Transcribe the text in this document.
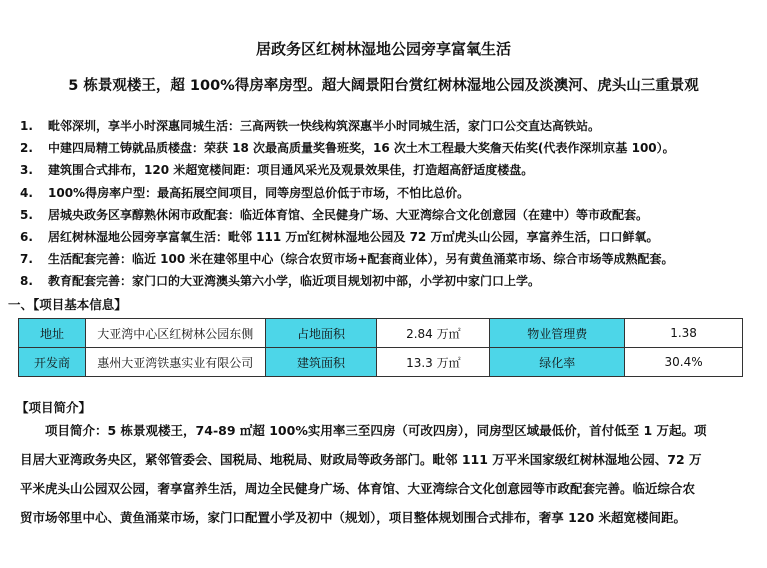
居政务区红树林湿地公园旁享富氧生活
5 栋景观楼王，超 100%得房率房型。超大阔景阳台赏红树林湿地公园及淡澳河、虎头山三重景观
1. 毗邻深圳，享半小时深惠同城生活：三高两铁一快线构筑深惠半小时同城生活，家门口公交直达高铁站。
2. 中建四局精工铸就品质楼盘：荣获 18 次最高质量奖鲁班奖，16 次土木工程最大奖詹天佑奖(代表作深圳京基 100）。
3. 建筑围合式排布，120 米超宽楼间距：项目通风采光及观景效果佳，打造超高舒适度楼盘。
4. 100%得房率户型：最高拓展空间项目，同等房型总价低于市场，不怕比总价。
5. 居城央政务区享醇熟休闲市政配套：临近体育馆、全民健身广场、大亚湾综合文化创意园（在建中）等市政配套。
6. 居红树林湿地公园旁享富氧生活：毗邻 111 万㎡红树林湿地公园及 72 万㎡虎头山公园，享富养生活，口口鲜氧。
7. 生活配套完善：临近 100 米在建邻里中心（综合农贸市场+配套商业体），另有黄鱼涌菜市场、综合市场等成熟配套。
8. 教育配套完善：家门口的大亚湾澳头第六小学，临近项目规划初中部，小学初中家门口上学。
一、【项目基本信息】
地址	大亚湾中心区红树林公园东侧	占地面积	2.84 万㎡	物业管理费	1.38
开发商	惠州大亚湾铁惠实业有限公司	建筑面积	13.3 万㎡	绿化率	30.4%
【项目简介】
　　项目简介：5 栋景观楼王，74-89 ㎡超 100%实用率三至四房（可改四房），同房型区域最低价，首付低至 1 万起。项
目居大亚湾政务央区，紧邻管委会、国税局、地税局、财政局等政务部门。毗邻 111 万平米国家级红树林湿地公园、72 万
平米虎头山公园双公园，奢享富养生活，周边全民健身广场、体育馆、大亚湾综合文化创意园等市政配套完善。临近综合农
贸市场邻里中心、黄鱼涌菜市场，家门口配置小学及初中（规划），项目整体规划围合式排布，奢享 120 米超宽楼间距。
